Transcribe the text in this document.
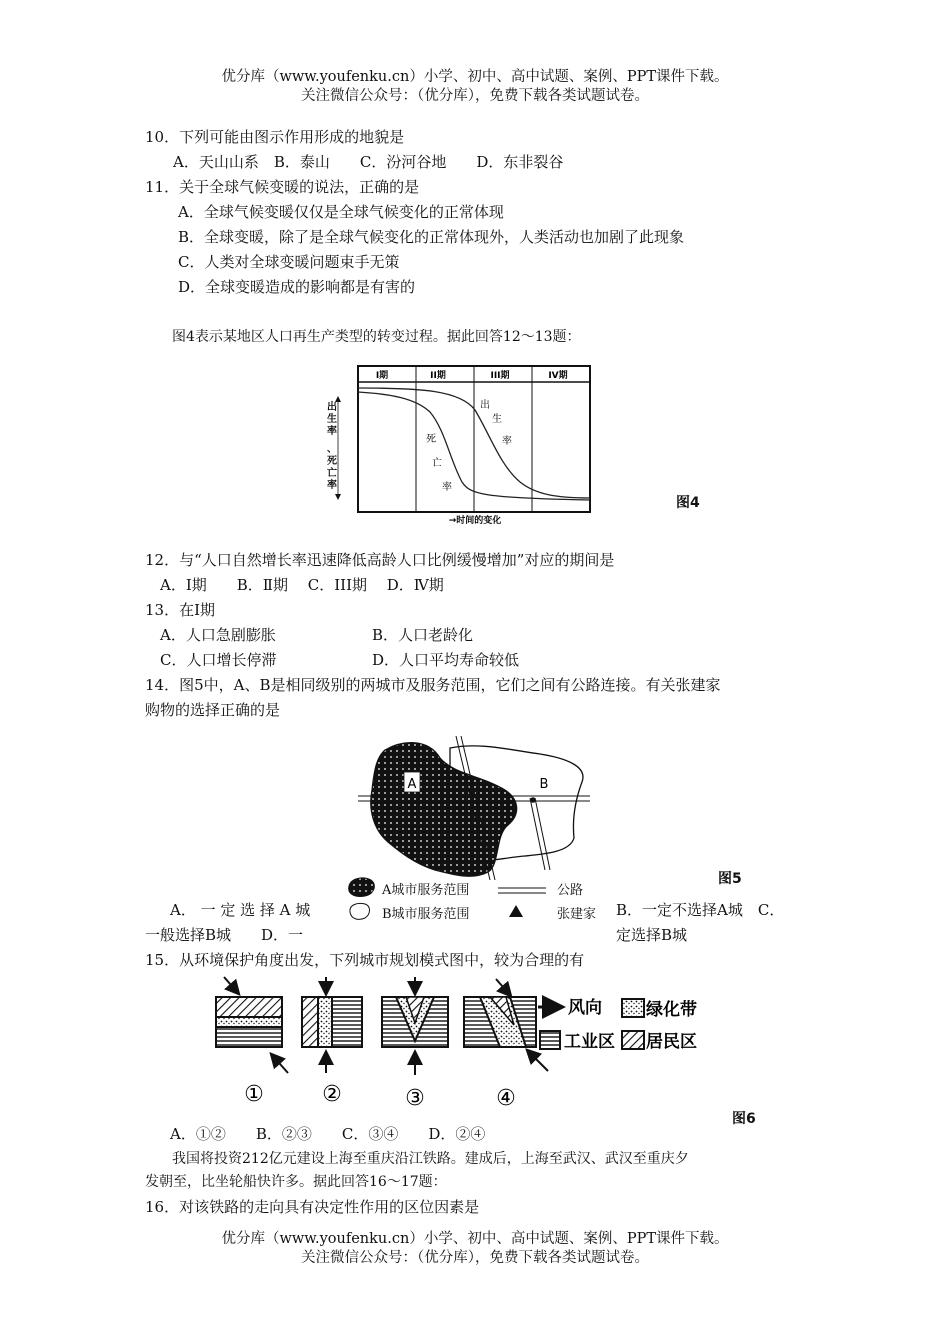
优分库（www.youfenku.cn）小学、初中、高中试题、案例、PPT课件下载。
关注微信公众号：（优分库），免费下载各类试题试卷。
10．下列可能由图示作用形成的地貌是
A．天山山系　B．泰山　　C．汾河谷地　　D．东非裂谷
11．关于全球气候变暖的说法，正确的是
A．全球气候变暖仅仅是全球气候变化的正常体现
B．全球变暖，除了是全球气候变化的正常体现外，人类活动也加剧了此现象
C．人类对全球变暖问题束手无策
D．全球变暖造成的影响都是有害的
图4表示某地区人口再生产类型的转变过程。据此回答12～13题：
I期	II期	III期	IV期
死
亡
率
出
生
率
→时间的变化
出生率
、死亡率
图4
12．与“人口自然增长率迅速降低高龄人口比例缓慢增加”对应的期间是
A．Ⅰ期　　B．Ⅱ期　 C．III期　 D．Ⅳ期
13．在Ⅰ期
A．人口急剧膨胀	B．人口老龄化
C．人口增长停滞	D．人口平均寿命较低
14．图5中，A、B是相同级别的两城市及服务范围，它们之间有公路连接。有关张建家
购物的选择正确的是
A	B
A城市服务范围
B城市服务范围
公路
张建家
图5
A． 一 定 选 择 A 城	B．一定不选择A城　C．
一般选择B城　　D．一	定选择B城
15．从环境保护角度出发，下列城市规划模式图中，较为合理的有
①	②	③	④
风向	绿化带
工业区 居民区
图6
A．①②　　B．②③　　C．③④　　D．②④
我国将投资212亿元建设上海至重庆沿江铁路。建成后，上海至武汉、武汉至重庆夕
发朝至，比坐轮船快许多。据此回答16～17题：
16．对该铁路的走向具有决定性作用的区位因素是
优分库（www.youfenku.cn）小学、初中、高中试题、案例、PPT课件下载。
关注微信公众号：（优分库），免费下载各类试题试卷。
